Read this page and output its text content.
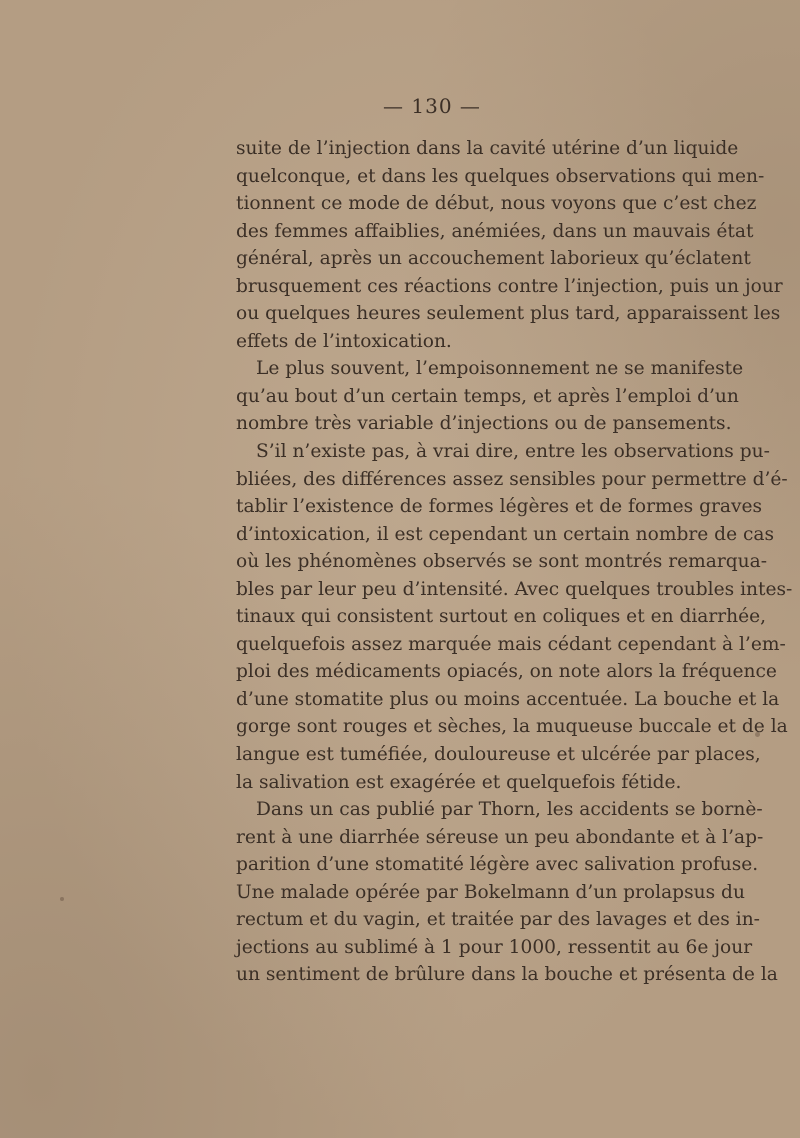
— 130 —
suite de l’injection dans la cavité utérine d’un liquide
quelconque, et dans les quelques observations qui men-
tionnent ce mode de début, nous voyons que c’est chez
des femmes affaiblies, anémiées, dans un mauvais état
général, après un accouchement laborieux qu’éclatent
brusquement ces réactions contre l’injection, puis un jour
ou quelques heures seulement plus tard, apparaissent les
effets de l’intoxication.
Le plus souvent, l’empoisonnement ne se manifeste
qu’au bout d’un certain temps, et après l’emploi d’un
nombre très variable d’injections ou de pansements.
S’il n’existe pas, à vrai dire, entre les observations pu-
bliées, des différences assez sensibles pour permettre d’é-
tablir l’existence de formes légères et de formes graves
d’intoxication, il est cependant un certain nombre de cas
où les phénomènes observés se sont montrés remarqua-
bles par leur peu d’intensité. Avec quelques troubles intes-
tinaux qui consistent surtout en coliques et en diarrhée,
quelquefois assez marquée mais cédant cependant à l’em-
ploi des médicaments opiacés, on note alors la fréquence
d’une stomatite plus ou moins accentuée. La bouche et la
gorge sont rouges et sèches, la muqueuse buccale et de la
langue est tuméfiée, douloureuse et ulcérée par places,
la salivation est exagérée et quelquefois fétide.
Dans un cas publié par Thorn, les accidents se bornè-
rent à une diarrhée séreuse un peu abondante et à l’ap-
parition d’une stomatité légère avec salivation profuse.
Une malade opérée par Bokelmann d’un prolapsus du
rectum et du vagin, et traitée par des lavages et des in-
jections au sublimé à 1 pour 1000, ressentit au 6e jour
un sentiment de brûlure dans la bouche et présenta de la
